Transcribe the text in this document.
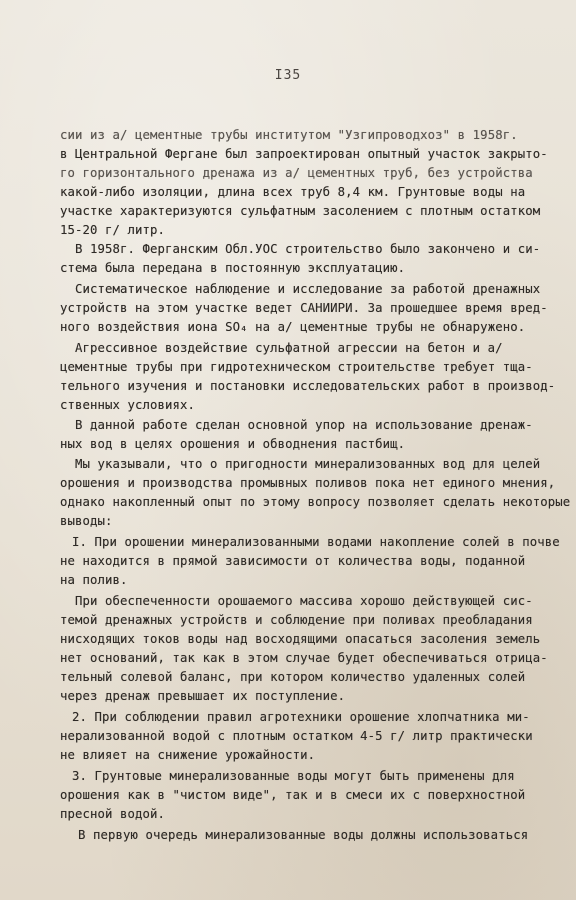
I35
сии из а/ цементные трубы институтом "Узгипроводхоз" в 1958г.
в Центральной Фергане был запроектирован опытный участок закрыто-
го горизонтального дренажа из а/ цементных труб, без устройства
какой-либо изоляции, длина всех труб 8,4 км. Грунтовые воды на
участке характеризуются сульфатным засолением с плотным остатком
15-20 г/ литр.
В 1958г. Ферганским Обл.УОС строительство было закончено и си-
стема была передана в постоянную эксплуатацию.
Систематическое наблюдение и исследование за работой дренажных
устройств на этом участке ведет САНИИРИ. За прошедшее время вред-
ного воздействия иона SO₄ на а/ цементные трубы не обнаружено.
Агрессивное воздействие сульфатной агрессии на бетон и а/
цементные трубы при гидротехническом строительстве требует тща-
тельного изучения и постановки исследовательских работ в производ-
ственных условиях.
В данной работе сделан основной упор на использование дренаж-
ных вод в целях орошения и обводнения пастбищ.
Мы указывали, что о пригодности минерализованных вод для целей
орошения и производства промывных поливов пока нет единого мнения,
однако накопленный опыт по этому вопросу позволяет сделать некоторые
выводы:
I. При орошении минерализованными водами накопление солей в почве
не находится в прямой зависимости от количества воды, поданной
на полив.
При обеспеченности орошаемого массива хорошо действующей сис-
темой дренажных устройств и соблюдение при поливах преобладания
нисходящих токов воды над восходящими опасаться засоления земель
нет оснований, так как в этом случае будет обеспечиваться отрица-
тельный солевой баланс, при котором количество удаленных солей
через дренаж превышает их поступление.
2. При соблюдении правил агротехники орошение хлопчатника ми-
нерализованной водой с плотным остатком 4-5 г/ литр практически
не влияет на снижение урожайности.
3. Грунтовые минерализованные воды могут быть применены для
орошения как в "чистом виде", так и в смеси их с поверхностной
пресной водой.
В первую очередь минерализованные воды должны использоваться
